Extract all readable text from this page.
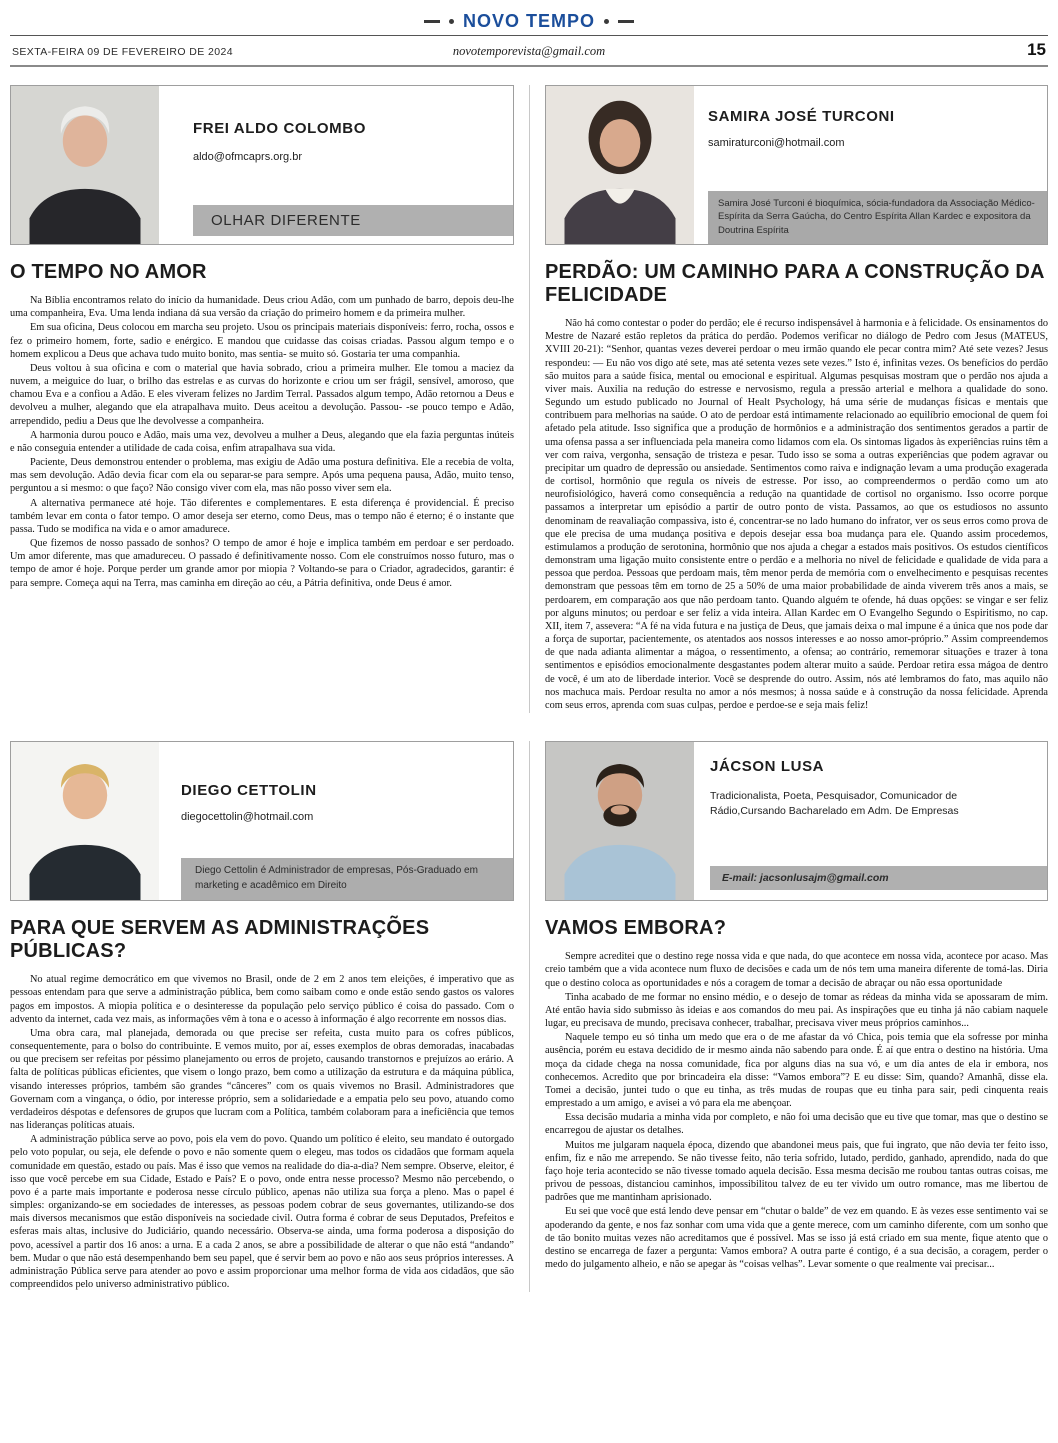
NOVO TEMPO
SEXTA-FEIRA 09 DE FEVEREIRO DE 2024	novotemporevista@gmail.com	15
FREI ALDO COLOMBO
aldo@ofmcaprs.org.br
OLHAR DIFERENTE
O TEMPO NO AMOR

Na Bíblia encontramos relato do início da humanidade. Deus criou Adão, com um punhado de barro, depois deu-lhe uma companheira, Eva. Uma lenda indiana dá sua versão da criação do primeiro homem e da primeira mulher.

Em sua oficina, Deus colocou em marcha seu projeto. Usou os principais materiais disponíveis: ferro, rocha, ossos e fez o primeiro homem, forte, sadio e enérgico. E mandou que cuidasse das coisas criadas. Passou algum tempo e o homem explicou a Deus que achava tudo muito bonito, mas sentia- se muito só. Gostaria ter uma companhia.

Deus voltou à sua oficina e com o material que havia sobrado, criou a primeira mulher. Ele tomou a maciez da nuvem, a meiguice do luar, o brilho das estrelas e as curvas do horizonte e criou um ser frágil, sensível, amoroso, que chamou Eva e a confiou a Adão. E eles viveram felizes no Jardim Terral. Passados algum tempo, Adão retornou a Deus e devolveu a mulher, alegando que ela atrapalhava muito. Deus aceitou a devolução. Passou- -se pouco tempo e Adão, arrependido, pediu a Deus que lhe devolvesse a companheira.

A harmonia durou pouco e Adão, mais uma vez, devolveu a mulher a Deus, alegando que ela fazia perguntas inúteis e não conseguia entender a utilidade de cada coisa, enfim atrapalhava sua vida.

Paciente, Deus demonstrou entender o problema, mas exigiu de Adão uma postura definitiva. Ele a recebia de volta, mas sem devolução. Adão devia ficar com ela ou separar-se para sempre. Após uma pequena pausa, Adão, muito tenso, perguntou a si mesmo: o que faço? Não consigo viver com ela, mas não posso viver sem ela.

A alternativa permanece até hoje. Tão diferentes e complementares. E esta diferença é providencial. É preciso também levar em conta o fator tempo. O amor deseja ser eterno, como Deus, mas o tempo não é eterno; é o instante que passa. Tudo se modifica na vida e o amor amadurece.

Que fizemos de nosso passado de sonhos? O tempo de amor é hoje e implica também em perdoar e ser perdoado. Um amor diferente, mas que amadureceu. O passado é definitivamente nosso. Com ele construímos nosso futuro, mas o tempo de amor é hoje. Porque perder um grande amor por miopia ? Voltando-se para o Criador, agradecidos, garantir: é para sempre. Começa aqui na Terra, mas caminha em direção ao céu, a Pátria definitiva, onde Deus é amor.

SAMIRA JOSÉ TURCONI
samiraturconi@hotmail.com
Samira José Turconi é bioquímica, sócia-fundadora da Associação Médico-Espírita da Serra Gaúcha, do Centro Espírita Allan Kardec e expositora da Doutrina Espírita
PERDÃO: UM CAMINHO PARA A CONSTRUÇÃO DA FELICIDADE

Não há como contestar o poder do perdão; ele é recurso indispensável à harmonia e à felicidade. Os ensinamentos do Mestre de Nazaré estão repletos da prática do perdão. Podemos verificar no diálogo de Pedro com Jesus (MATEUS, XVIII 20-21): “Senhor, quantas vezes deverei perdoar o meu irmão quando ele pecar contra mim? Até sete vezes? Jesus respondeu: — Eu não vos digo até sete, mas até setenta vezes sete vezes.” Isto é, infinitas vezes. Os benefícios do perdão são muitos para a saúde física, mental ou emocional e espiritual. Algumas pesquisas mostram que o perdão nos ajuda a viver mais. Auxilia na redução do estresse e nervosismo, regula a pressão arterial e melhora a qualidade do sono. Segundo um estudo publicado no Journal of Healt Psychology, há uma série de mudanças físicas e mentais que contribuem para melhorias na saúde. O ato de perdoar está intimamente relacionado ao equilíbrio emocional de quem foi afetado pela atitude. Isso significa que a produção de hormônios e a administração dos sentimentos gerados a partir de uma ofensa passa a ser influenciada pela maneira como lidamos com ela. Os sintomas ligados às experiências ruins têm a ver com raiva, vergonha, sensação de tristeza e pesar. Tudo isso se soma a outras experiências que podem agravar ou precipitar um quadro de depressão ou ansiedade. Sentimentos como raiva e indignação levam a uma produção exagerada de cortisol, hormônio que regula os níveis de estresse. Por isso, ao compreendermos o perdão como um ato neurofisiológico, haverá como consequência a redução na quantidade de cortisol no organismo. Isso ocorre porque passamos a interpretar um episódio a partir de outro ponto de vista. Passamos, ao que os estudiosos no assunto denominam de reavaliação compassiva, isto é, concentrar-se no lado humano do infrator, ver os seus erros como prova de que ele precisa de uma mudança positiva e depois desejar essa boa mudança para ele. Quando assim procedemos, estimulamos a produção de serotonina, hormônio que nos ajuda a chegar a estados mais positivos. Os estudos científicos demonstram uma ligação muito consistente entre o perdão e a melhoria no nível de felicidade e qualidade de vida para a pessoa que perdoa. Pessoas que perdoam mais, têm menor perda de memória com o envelhecimento e pesquisas recentes demonstram que pessoas têm em torno de 25 a 50% de uma maior probabilidade de ainda viverem três anos a mais, se perdoarem, em comparação aos que não perdoam tanto. Quando alguém te ofende, há duas opções: se vingar e ser feliz por alguns minutos; ou perdoar e ser feliz a vida inteira. Allan Kardec em O Evangelho Segundo o Espiritismo, no cap. XII, item 7, assevera: “A fé na vida futura e na justiça de Deus, que jamais deixa o mal impune é a única que nos pode dar a força de suportar, pacientemente, os atentados aos nossos interesses e ao nosso amor-próprio.” Assim compreendemos de que nada adianta alimentar a mágoa, o ressentimento, a ofensa; ao contrário, rememorar situações e trazer à tona sentimentos e episódios emocionalmente desgastantes podem alterar muito a saúde. Perdoar retira essa mágoa de dentro de você, é um ato de liberdade interior. Você se desprende do outro. Assim, nós até lembramos do fato, mas aquilo não nos machuca mais. Perdoar resulta no amor a nós mesmos; à nossa saúde e à construção da nossa felicidade. Aprenda com seus erros, aprenda com suas culpas, perdoe e perdoe-se e seja mais feliz!

DIEGO CETTOLIN
diegocettolin@hotmail.com
Diego Cettolin é Administrador de empresas, Pós-Graduado em marketing e acadêmico em Direito
PARA QUE SERVEM AS ADMINISTRAÇÕES PÚBLICAS?

No atual regime democrático em que vivemos no Brasil, onde de 2 em 2 anos tem eleições, é imperativo que as pessoas entendam para que serve a administração pública, bem como saibam como e onde estão sendo gastos os valores pagos em impostos. A miopia política e o desinteresse da população pelo serviço público é coisa do passado. Com o advento da internet, cada vez mais, as informações vêm à tona e o acesso à informação é algo recorrente em nossos dias.

Uma obra cara, mal planejada, demorada ou que precise ser refeita, custa muito para os cofres públicos, consequentemente, para o bolso do contribuinte. E vemos muito, por aí, esses exemplos de obras demoradas, inacabadas ou que precisem ser refeitas por péssimo planejamento ou erros de projeto, causando transtornos e prejuízos ao erário. A falta de políticas públicas eficientes, que visem o longo prazo, bem como a utilização da estrutura e da máquina pública, visando interesses próprios, também são grandes “cânceres” com os quais vivemos no Brasil. Administradores que Governam com a vingança, o ódio, por interesse próprio, sem a solidariedade e a empatia pelo seu povo, atuando como verdadeiros déspotas e defensores de grupos que lucram com a Política, também colaboram para a ineficiência que temos nas lideranças políticas atuais.

A administração pública serve ao povo, pois ela vem do povo. Quando um político é eleito, seu mandato é outorgado pelo voto popular, ou seja, ele defende o povo e não somente quem o elegeu, mas todos os cidadãos que formam aquela comunidade em questão, estado ou país. Mas é isso que vemos na realidade do dia-a-dia? Nem sempre. Observe, eleitor, é isso que você percebe em sua Cidade, Estado e País? E o povo, onde entra nesse processo? Mesmo não percebendo, o povo é a parte mais importante e poderosa nesse círculo público, apenas não utiliza sua força a pleno. Mas o papel é simples: organizando-se em sociedades de interesses, as pessoas podem cobrar de seus governantes, utilizando-se dos mais diversos mecanismos que estão disponíveis na sociedade civil. Outra forma é cobrar de seus Deputados, Prefeitos e esferas mais altas, inclusive do Judiciário, quando necessário. Observa-se ainda, uma forma poderosa a disposição do povo, acessível a partir dos 16 anos: a urna. E a cada 2 anos, se abre a possibilidade de alterar o que não está “andando” bem. Mudar o que não está desempenhando bem seu papel, que é servir bem ao povo e não aos seus próprios interesses. A administração Pública serve para atender ao povo e assim proporcionar uma melhor forma de vida aos cidadãos, que são compreendidos pelo universo administrativo público.

JÁCSON LUSA
Tradicionalista, Poeta, Pesquisador, Comunicador de Rádio,Cursando Bacharelado em Adm. De Empresas
E-mail: jacsonlusajm@gmail.com
VAMOS EMBORA?

Sempre acreditei que o destino rege nossa vida e que nada, do que acontece em nossa vida, acontece por acaso. Mas creio também que a vida acontece num fluxo de decisões e cada um de nós tem uma maneira diferente de tomá-las. Diria que o destino coloca as oportunidades e nós a coragem de tomar a decisão de abraçar ou não essa oportunidade

Tinha acabado de me formar no ensino médio, e o desejo de tomar as rédeas da minha vida se apossaram de mim. Até então havia sido submisso às ideias e aos comandos do meu pai. As inspirações que eu tinha já não cabiam naquele lugar, eu precisava de mundo, precisava conhecer, trabalhar, precisava viver meus próprios caminhos...

Naquele tempo eu só tinha um medo que era o de me afastar da vó Chica, pois temia que ela sofresse por minha ausência, porém eu estava decidido de ir mesmo ainda não sabendo para onde. É aí que entra o destino na história. Uma moça da cidade chega na nossa comunidade, fica por alguns dias na sua vó, e um dia antes de ela ir embora, nos conhecemos. Acredito que por brincadeira ela disse: “Vamos embora”? E eu disse: Sim, quando? Amanhã, disse ela. Tomei a decisão, juntei tudo o que eu tinha, as três mudas de roupas que eu tinha para sair, pedi cinquenta reais emprestado a um amigo, e avisei a vó para ela me abençoar.

Essa decisão mudaria a minha vida por completo, e não foi uma decisão que eu tive que tomar, mas que o destino se encarregou de ajustar os detalhes.

Muitos me julgaram naquela época, dizendo que abandonei meus pais, que fui ingrato, que não devia ter feito isso, enfim, fiz e não me arrependo. Se não tivesse feito, não teria sofrido, lutado, perdido, ganhado, aprendido, nada do que faço hoje teria acontecido se não tivesse tomado aquela decisão. Essa mesma decisão me roubou tantas outras coisas, me privou de pessoas, distanciou caminhos, impossibilitou talvez de eu ter vivido um outro romance, mas me libertou de padrões que me mantinham aprisionado.

Eu sei que você que está lendo deve pensar em “chutar o balde” de vez em quando. E às vezes esse sentimento vai se apoderando da gente, e nos faz sonhar com uma vida que a gente merece, com um caminho diferente, com um sonho que de tão bonito muitas vezes não acreditamos que é possível. Mas se isso já está criado em sua mente, fique atento que o destino se encarrega de fazer a pergunta: Vamos embora? A outra parte é contigo, é a sua decisão, a coragem, perder o medo do julgamento alheio, e não se apegar às “coisas velhas”. Levar somente o que realmente vai precisar...
